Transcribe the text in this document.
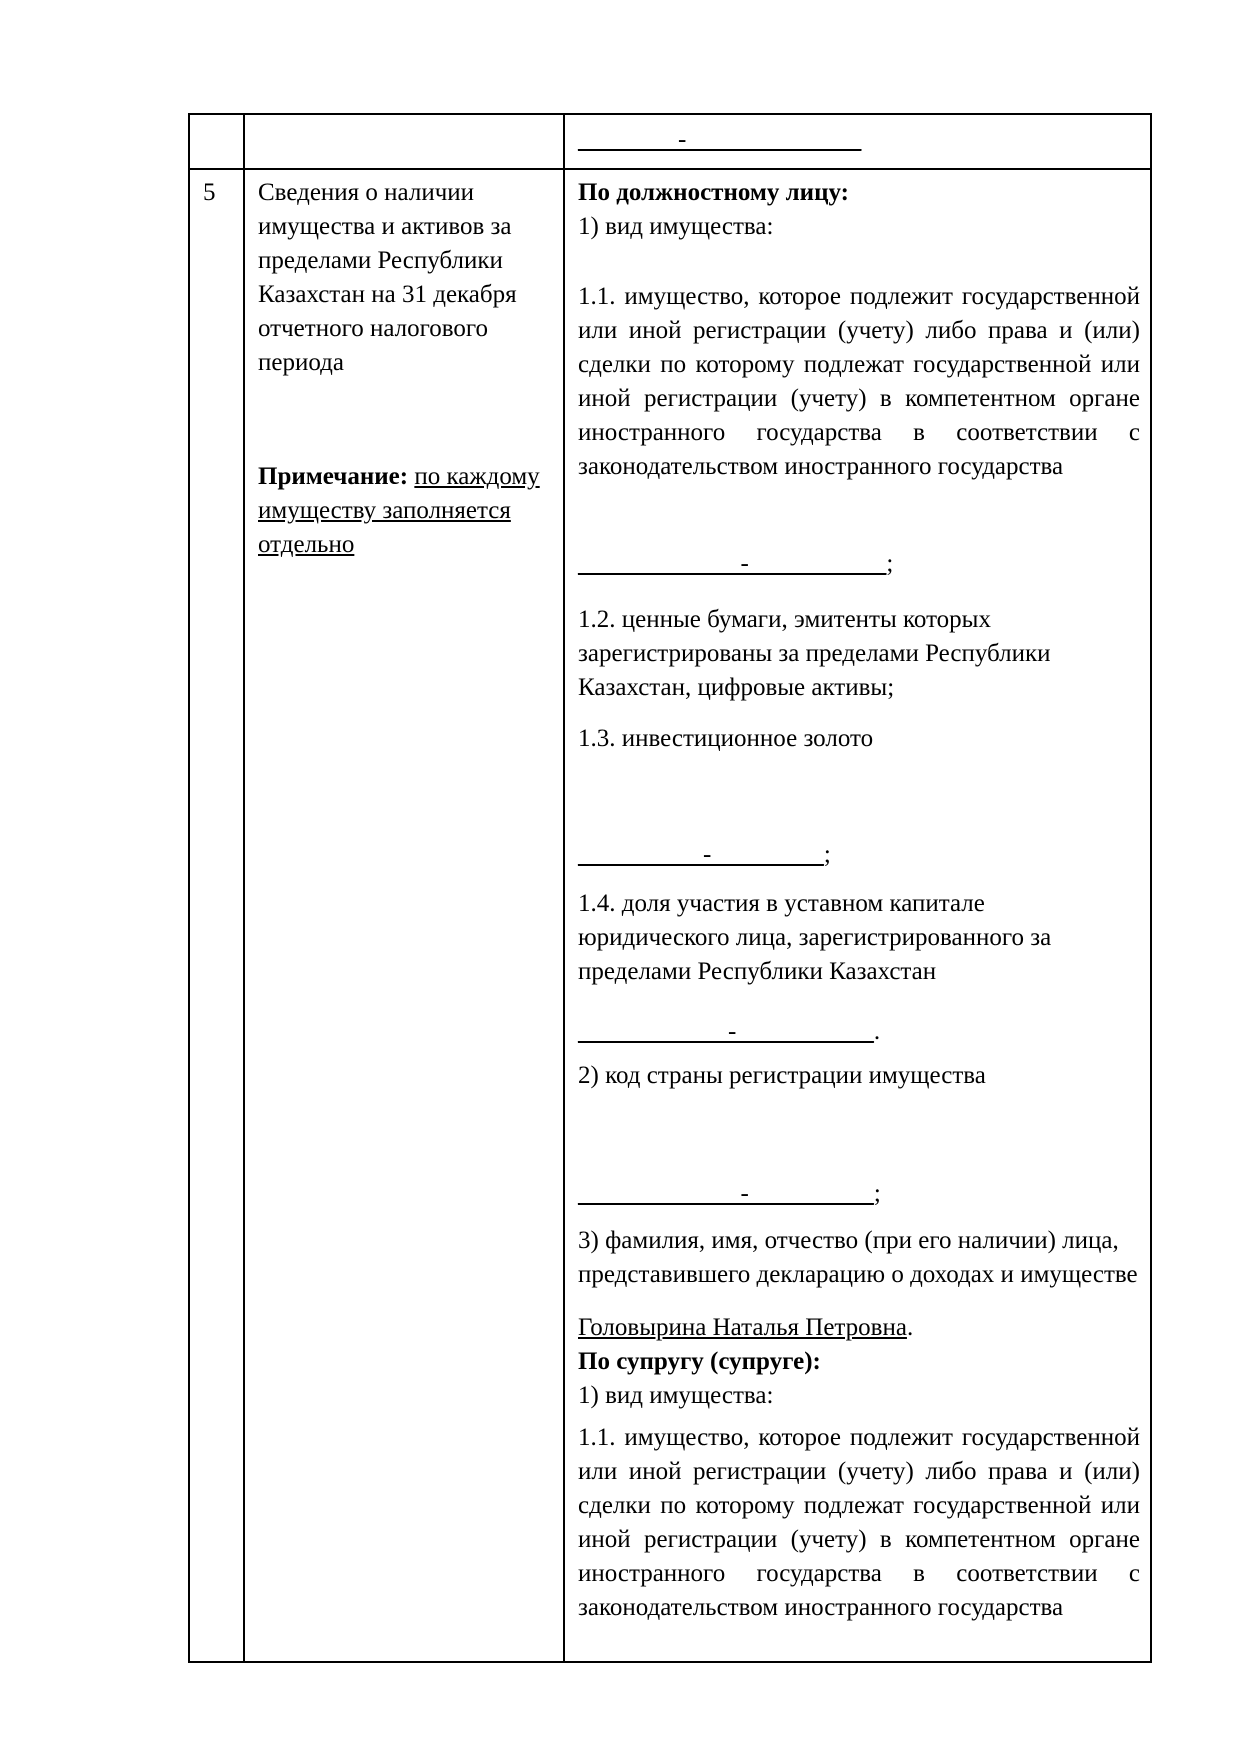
________-______________

5	Сведения о наличии имущества и активов за пределами Республики Казахстан на 31 декабря отчетного налогового периода

Примечание: по каждому имуществу заполняется отдельно

По должностному лицу:

1) вид имущества:

1.1. имущество, которое подлежит государственной или иной регистрации (учету) либо права и (или) сделки по которому подлежат государственной или иной регистрации (учету) в компетентном органе иностранного государства в соответствии с законодательством иностранного государства

_____________-___________;

1.2. ценные бумаги, эмитенты которых зарегистрированы за пределами Республики Казахстан, цифровые активы;

1.3. инвестиционное золото

__________-_________;

1.4. доля участия в уставном капитале юридического лица, зарегистрированного за пределами Республики Казахстан

____________-___________.

2) код страны регистрации имущества

_____________-__________;

3) фамилия, имя, отчество (при его наличии) лица, представившего декларацию о доходах и имуществе

Головырина Наталья Петровна.

По супругу (супруге):

1) вид имущества:

1.1. имущество, которое подлежит государственной или иной регистрации (учету) либо права и (или) сделки по которому подлежат государственной или иной регистрации (учету) в компетентном органе иностранного государства в соответствии с законодательством иностранного государства
